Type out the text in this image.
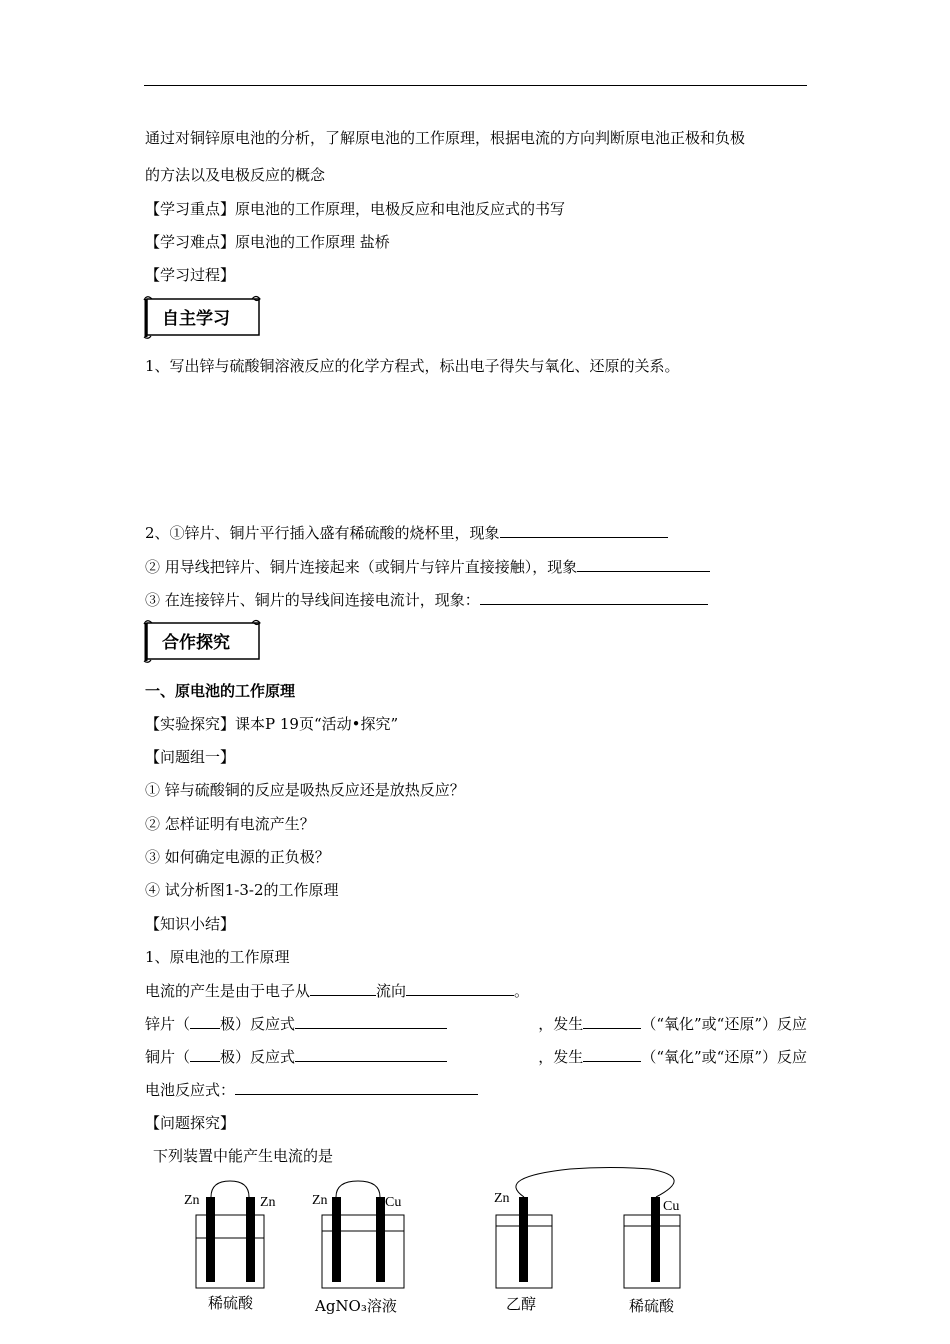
通过对铜锌原电池的分析，了解原电池的工作原理，根据电流的方向判断原电池正极和负极
的方法以及电极反应的概念
【学习重点】原电池的工作原理，电极反应和电池反应式的书写
【学习难点】原电池的工作原理 盐桥
【学习过程】
自主学习
1、写出锌与硫酸铜溶液反应的化学方程式，标出电子得失与氧化、还原的关系。
2、①锌片、铜片平行插入盛有稀硫酸的烧杯里，现象
② 用导线把锌片、铜片连接起来（或铜片与锌片直接接触），现象
③ 在连接锌片、铜片的导线间连接电流计，现象：
合作探究
一、原电池的工作原理
【实验探究】课本P 19页“活动•探究”
【问题组一】
① 锌与硫酸铜的反应是吸热反应还是放热反应？
② 怎样证明有电流产生？
③ 如何确定电源的正负极？
④ 试分析图1-3-2的工作原理
【知识小结】
1、原电池的工作原理
电流的产生是由于电子从	流向	。
锌片（ 极）反应式	，发生	（“氧化”或“还原”）反应
铜片（ 极）反应式	，发生	（“氧化”或“还原”）反应
电池反应式：
【问题探究】
下列装置中能产生电流的是
Zn	Zn
稀硫酸
Zn	Cu
AgNO₃溶液
Zn
Cu
乙醇	稀硫酸
